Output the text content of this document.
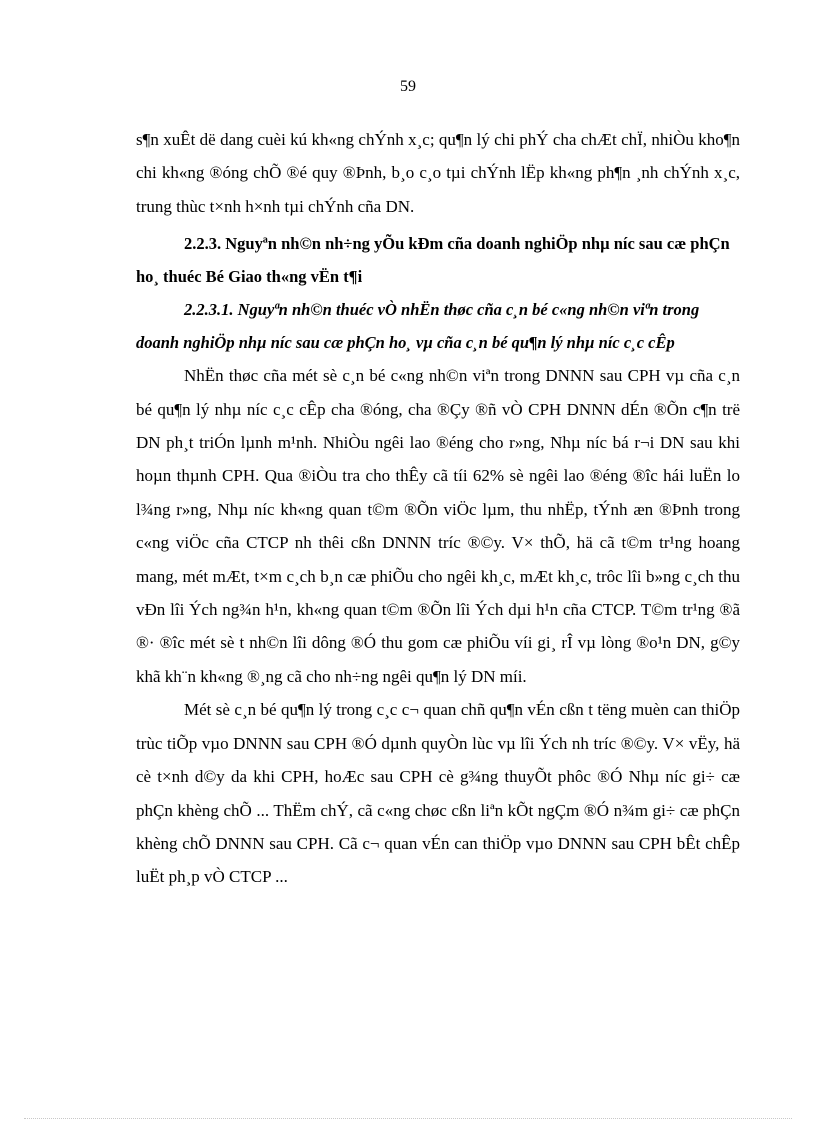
59

s¶n xuÊt dë dang cuèi kú kh«ng chÝnh x¸c; qu¶n lý chi phÝ cha chÆt chÏ, nhiÒu kho¶n chi kh«ng ®óng chÕ ®é quy ®Þnh, b¸o c¸o tµi chÝnh lËp kh«ng ph¶n ¸nh chÝnh x¸c, trung thùc t×nh h×nh tµi chÝnh cña DN.

2.2.3. Nguyªn nh©n nh÷ng yÕu kÐm cña doanh nghiÖp nhµ níc sau cæ phÇn ho¸ thuéc Bé Giao th«ng vËn t¶i

2.2.3.1. Nguyªn nh©n thuéc vÒ nhËn thøc cña c¸n bé c«ng nh©n viªn trong doanh nghiÖp nhµ níc sau cæ phÇn ho¸ vµ cña c¸n bé qu¶n lý nhµ níc c¸c cÊp

NhËn thøc cña mét sè c¸n bé c«ng nh©n viªn trong DNNN sau CPH vµ cña c¸n bé qu¶n lý nhµ níc c¸c cÊp cha ®óng, cha ®Çy ®ñ vÒ CPH DNNN dÉn ®Õn c¶n trë DN ph¸t triÓn lµnh m¹nh. NhiÒu ngêi lao ®éng cho r»ng, Nhµ níc bá r¬i DN sau khi hoµn thµnh CPH. Qua ®iÒu tra cho thÊy cã tíi 62% sè ngêi lao ®éng ®îc hái luËn lo l¾ng r»ng, Nhµ níc kh«ng quan t©m ®Õn viÖc lµm, thu nhËp, tÝnh æn ®Þnh trong c«ng viÖc cña CTCP nh thêi cßn DNNN tríc ®©y. V× thÕ, hä cã t©m tr¹ng hoang mang, mét mÆt, t×m c¸ch b¸n cæ phiÕu cho ngêi kh¸c, mÆt kh¸c, trôc lîi b»ng c¸ch thu vÐn lîi Ých ng¾n h¹n, kh«ng quan t©m ®Õn lîi Ých dµi h¹n cña CTCP. T©m tr¹ng ®ã ®· ®îc mét sè t nh©n lîi dông ®Ó thu gom cæ phiÕu víi gi¸ rÎ vµ lòng ®o¹n DN, g©y khã kh¨n kh«ng ®¸ng cã cho nh÷ng ngêi qu¶n lý DN míi.

Mét sè c¸n bé qu¶n lý trong c¸c c¬ quan chñ qu¶n vÉn cßn t tëng muèn can thiÖp trùc tiÕp vµo DNNN sau CPH ®Ó dµnh quyÒn lùc vµ lîi Ých nh tríc ®©y. V× vËy, hä cè t×nh d©y da khi CPH, hoÆc sau CPH cè g¾ng thuyÕt phôc ®Ó Nhµ níc gi÷ cæ phÇn khèng chÕ ... ThËm chÝ, cã c«ng chøc cßn liªn kÕt ngÇm ®Ó n¾m gi÷ cæ phÇn khèng chÕ DNNN sau CPH. Cã c¬ quan vÉn can thiÖp vµo DNNN sau CPH bÊt chÊp luËt ph¸p vÒ CTCP ...
